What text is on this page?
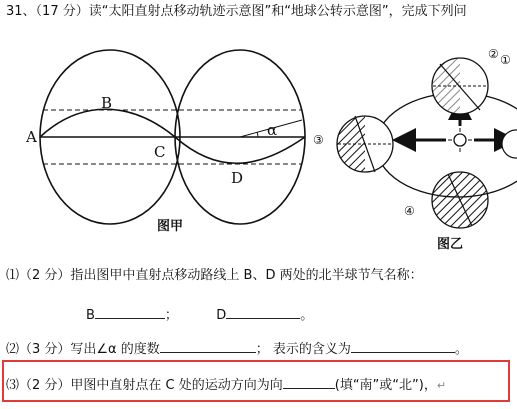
31、（17 分）读“太阳直射点移动轨迹示意图”和“地球公转示意图”，完成下列问
A
B
C
D
α
图甲
①
②
③
④
图乙
⑴（2 分）指出图甲中直射点移动路线上 B、D 两处的北半球节气名称：
B	；	D	。
⑵（3 分）写出∠α 的度数	； 表示的含义为	。
⑶（2 分）甲图中直射点在 C 处的运动方向为向	(填“南”或“北”)，↵
